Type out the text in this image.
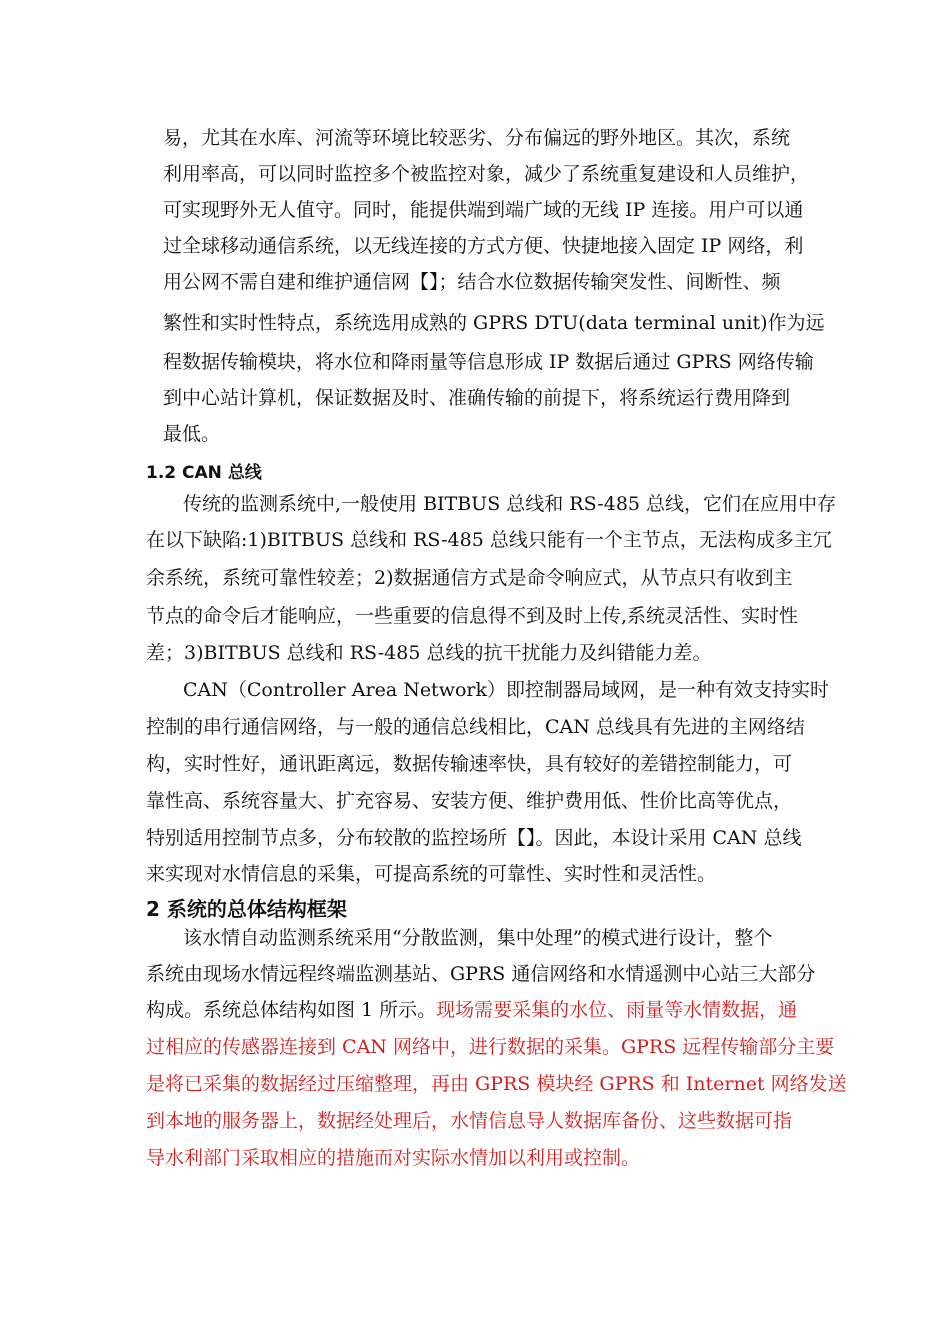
易，尤其在水库、河流等环境比较恶劣、分布偏远的野外地区。其次，系统
利用率高，可以同时监控多个被监控对象，减少了系统重复建设和人员维护，
可实现野外无人值守。同时，能提供端到端广域的无线 IP 连接。用户可以通
过全球移动通信系统，以无线连接的方式方便、快捷地接入固定 IP 网络，利
用公网不需自建和维护通信网【】；结合水位数据传输突发性、间断性、频
繁性和实时性特点，系统选用成熟的 GPRS DTU(data terminal unit)作为远
程数据传输模块，将水位和降雨量等信息形成 IP 数据后通过 GPRS 网络传输
到中心站计算机，保证数据及时、准确传输的前提下，将系统运行费用降到
最低。
1.2 CAN 总线
传统的监测系统中,一般使用 BITBUS 总线和 RS-485 总线，它们在应用中存
在以下缺陷:1)BITBUS 总线和 RS-485 总线只能有一个主节点，无法构成多主冗
余系统，系统可靠性较差；2)数据通信方式是命令响应式，从节点只有收到主
节点的命令后才能响应，一些重要的信息得不到及时上传,系统灵活性、实时性
差；3)BITBUS 总线和 RS-485 总线的抗干扰能力及纠错能力差。
CAN（Controller Area Network）即控制器局域网，是一种有效支持实时
控制的串行通信网络，与一般的通信总线相比，CAN 总线具有先进的主网络结
构，实时性好，通讯距离远，数据传输速率快，具有较好的差错控制能力，可
靠性高、系统容量大、扩充容易、安装方便、维护费用低、性价比高等优点，
特别适用控制节点多，分布较散的监控场所【】。因此，本设计采用 CAN 总线
来实现对水情信息的采集，可提高系统的可靠性、实时性和灵活性。
2 系统的总体结构框架
该水情自动监测系统采用“分散监测，集中处理”的模式进行设计，整个
系统由现场水情远程终端监测基站、GPRS 通信网络和水情遥测中心站三大部分
构成。系统总体结构如图 1 所示。现场需要采集的水位、雨量等水情数据，通
过相应的传感器连接到 CAN 网络中，进行数据的采集。GPRS 远程传输部分主要
是将已采集的数据经过压缩整理，再由 GPRS 模块经 GPRS 和 Internet 网络发送
到本地的服务器上，数据经处理后，水情信息导人数据库备份、这些数据可指
导水利部门采取相应的措施而对实际水情加以利用或控制。
